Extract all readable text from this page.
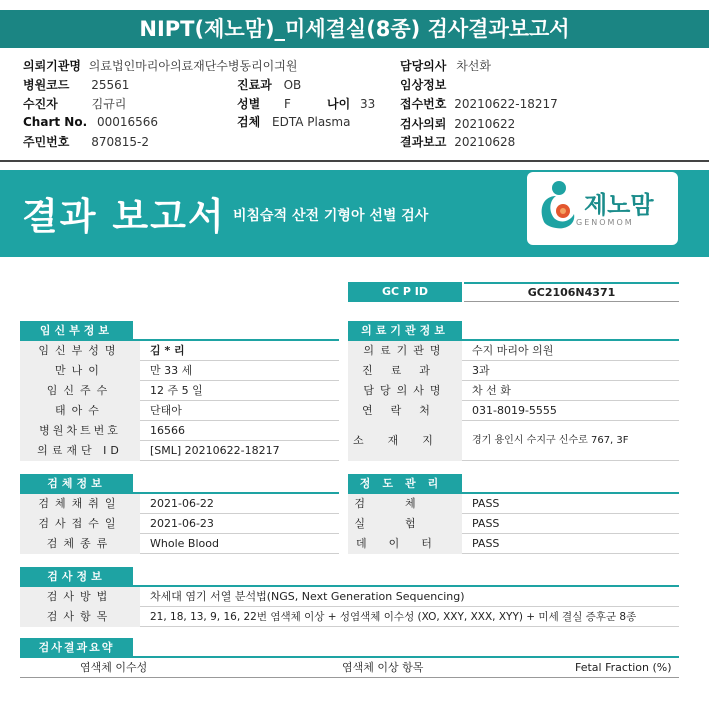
NIPT(제노맘)_미세결실(8종) 검사결과보고서
의뢰기관명 의료법인마리아의료재단수병동리이긔원	담당의사 차선화
병원코드 25561	진료과 OB	임상정보
수진자	김규리	성별 F	나이 33 접수번호 20210622-18217
Chart No. 00016566	검체 EDTA Plasma	검사의뢰 20210622
주민번호 870815-2	결과보고 20210628
결과 보고서 비침습적 산전 기형아 선별 검사	제노맘
GENOMOM
GC P ID	GC2106N4371
임신부정보
임신부성명	김 * 리
만나이	만 33 세
임신주수	12 주 5 일
태아수	단태아
병원차트번호	16566
의료재단 ID	[SML] 20210622-18217
의료기관정보
의료기관명	수지 마리아 의원
진료과	3과
담당의사명	차 선 화
연락처	031-8019-5555
소재지	경기 용인시 수지구 신수로 767, 3F
검체정보
검체채취일	2021-06-22
검사접수일	2021-06-23
검체종류	Whole Blood
정도관리
검체	PASS
실험	PASS
데이터	PASS
검사정보
검사방법	차세대 염기 서열 분석법(NGS, Next Generation Sequencing)
검사항목	21, 18, 13, 9, 16, 22번 염색체 이상 + 성염색체 이수성 (XO, XXY, XXX, XYY) + 미세 결실 증후군 8종
검사결과요약
염색체 이수성	염색체 이상 항목	Fetal Fraction (%)
